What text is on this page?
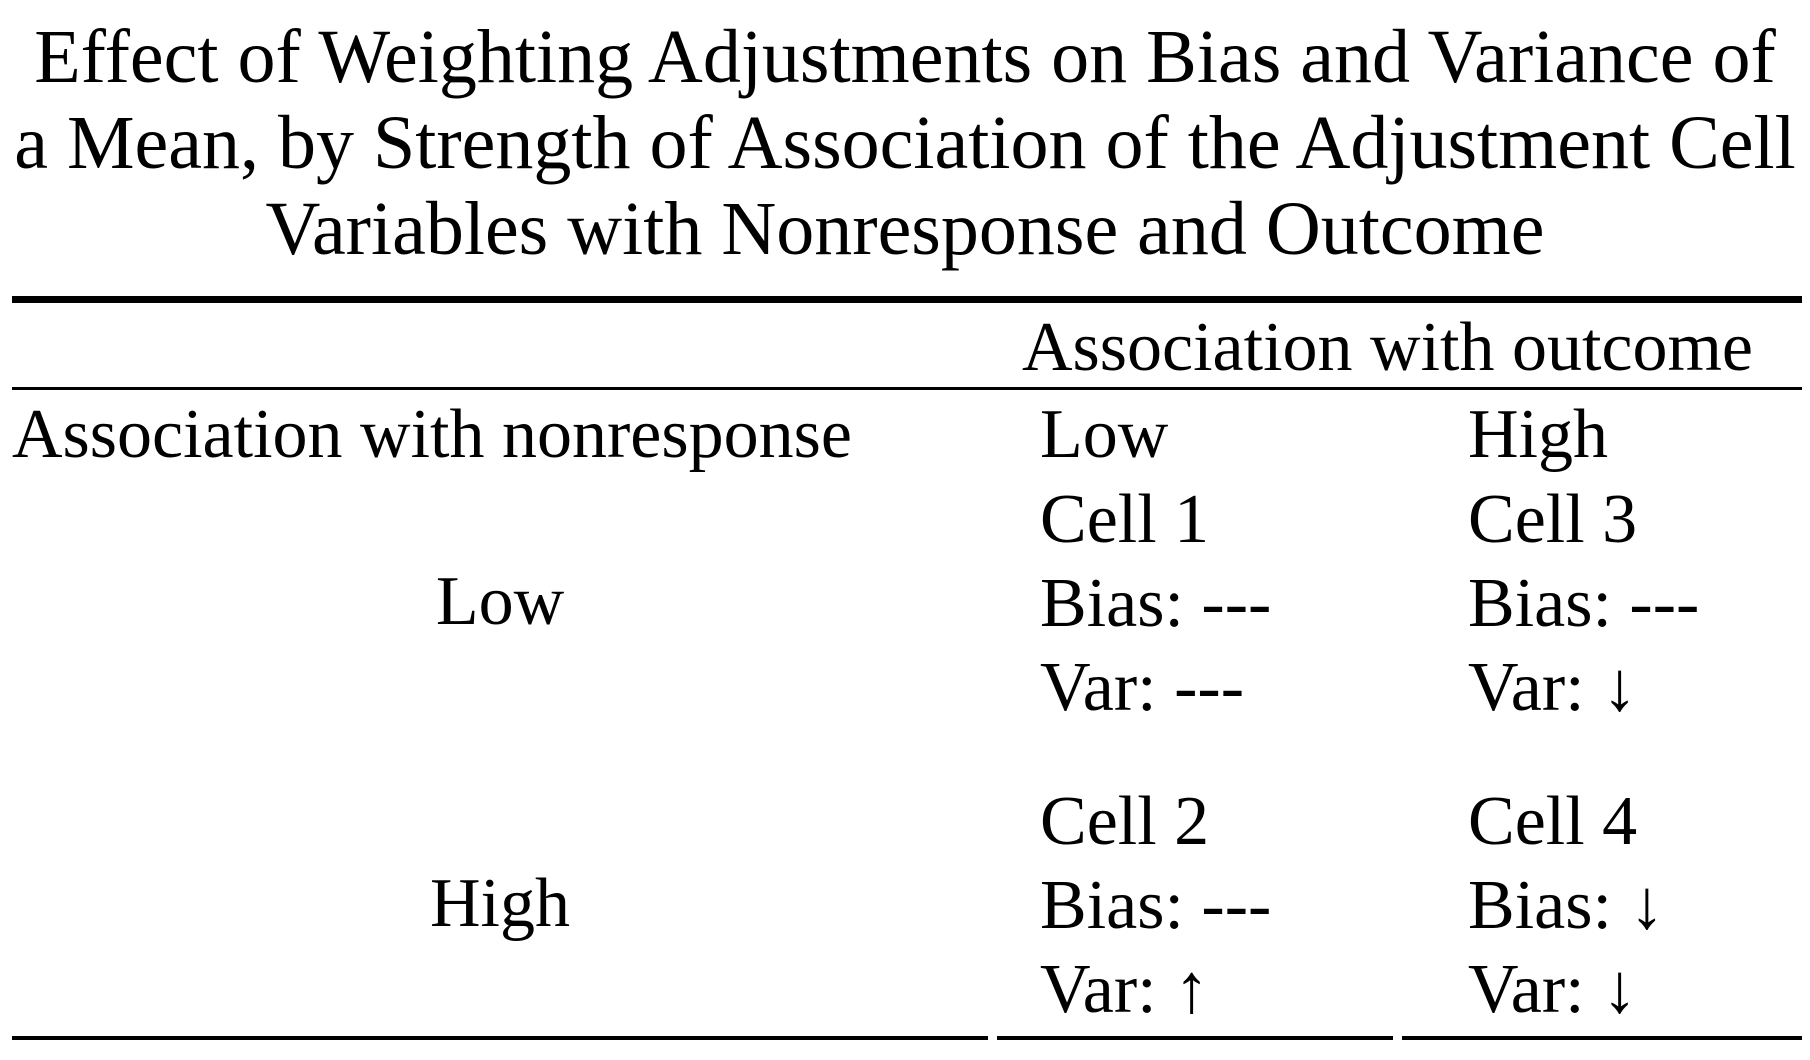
Effect of Weighting Adjustments on Bias and Variance of
a Mean, by Strength of Association of the Adjustment Cell
Variables with Nonresponse and Outcome
Association with outcome
Association with nonresponse	Low	High
Low
High
Cell 1
Bias: ---
Var: ---
Cell 3
Bias: ---
Var: ↓
Cell 2
Bias: ---
Var: ↑
Cell 4
Bias: ↓
Var: ↓
